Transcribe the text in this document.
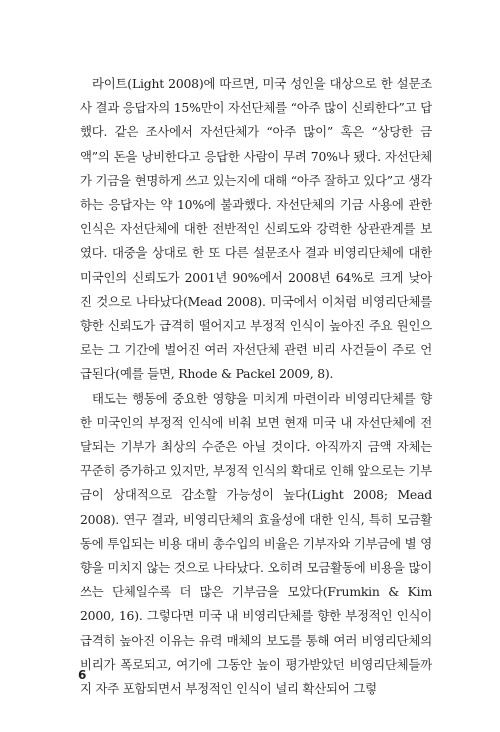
라이트(Light 2008)에 따르면, 미국 성인을 대상으로 한 설문조사 결과 응답자의 15%만이 자선단체를 “아주 많이 신뢰한다”고 답했다. 같은 조사에서 자선단체가 “아주 많이” 혹은 “상당한 금액”의 돈을 낭비한다고 응답한 사람이 무려 70%나 됐다. 자선단체가 기금을 현명하게 쓰고 있는지에 대해 “아주 잘하고 있다”고 생각하는 응답자는 약 10%에 불과했다. 자선단체의 기금 사용에 관한 인식은 자선단체에 대한 전반적인 신뢰도와 강력한 상관관계를 보였다. 대중을 상대로 한 또 다른 설문조사 결과 비영리단체에 대한 미국인의 신뢰도가 2001년 90%에서 2008년 64%로 크게 낮아진 것으로 나타났다(Mead 2008). 미국에서 이처럼 비영리단체를 향한 신뢰도가 급격히 떨어지고 부정적 인식이 높아진 주요 원인으로는 그 기간에 벌어진 여러 자선단체 관련 비리 사건들이 주로 언급된다(예를 들면, Rhode & Packel 2009, 8).

태도는 행동에 중요한 영향을 미치게 마련이라 비영리단체를 향한 미국인의 부정적 인식에 비춰 보면 현재 미국 내 자선단체에 전달되는 기부가 최상의 수준은 아닐 것이다. 아직까지 금액 자체는 꾸준히 증가하고 있지만, 부정적 인식의 확대로 인해 앞으로는 기부금이 상대적으로 감소할 가능성이 높다(Light 2008; Mead 2008). 연구 결과, 비영리단체의 효율성에 대한 인식, 특히 모금활동에 투입되는 비용 대비 총수입의 비율은 기부자와 기부금에 별 영향을 미치지 않는 것으로 나타났다. 오히려 모금활동에 비용을 많이 쓰는 단체일수록 더 많은 기부금을 모았다(Frumkin & Kim 2000, 16). 그렇다면 미국 내 비영리단체를 향한 부정적인 인식이 급격히 높아진 이유는 유력 매체의 보도를 통해 여러 비영리단체의 비리가 폭로되고, 여기에 그동안 높이 평가받았던 비영리단체들까지 자주 포함되면서 부정적인 인식이 널리 확산되어 그렇

6
